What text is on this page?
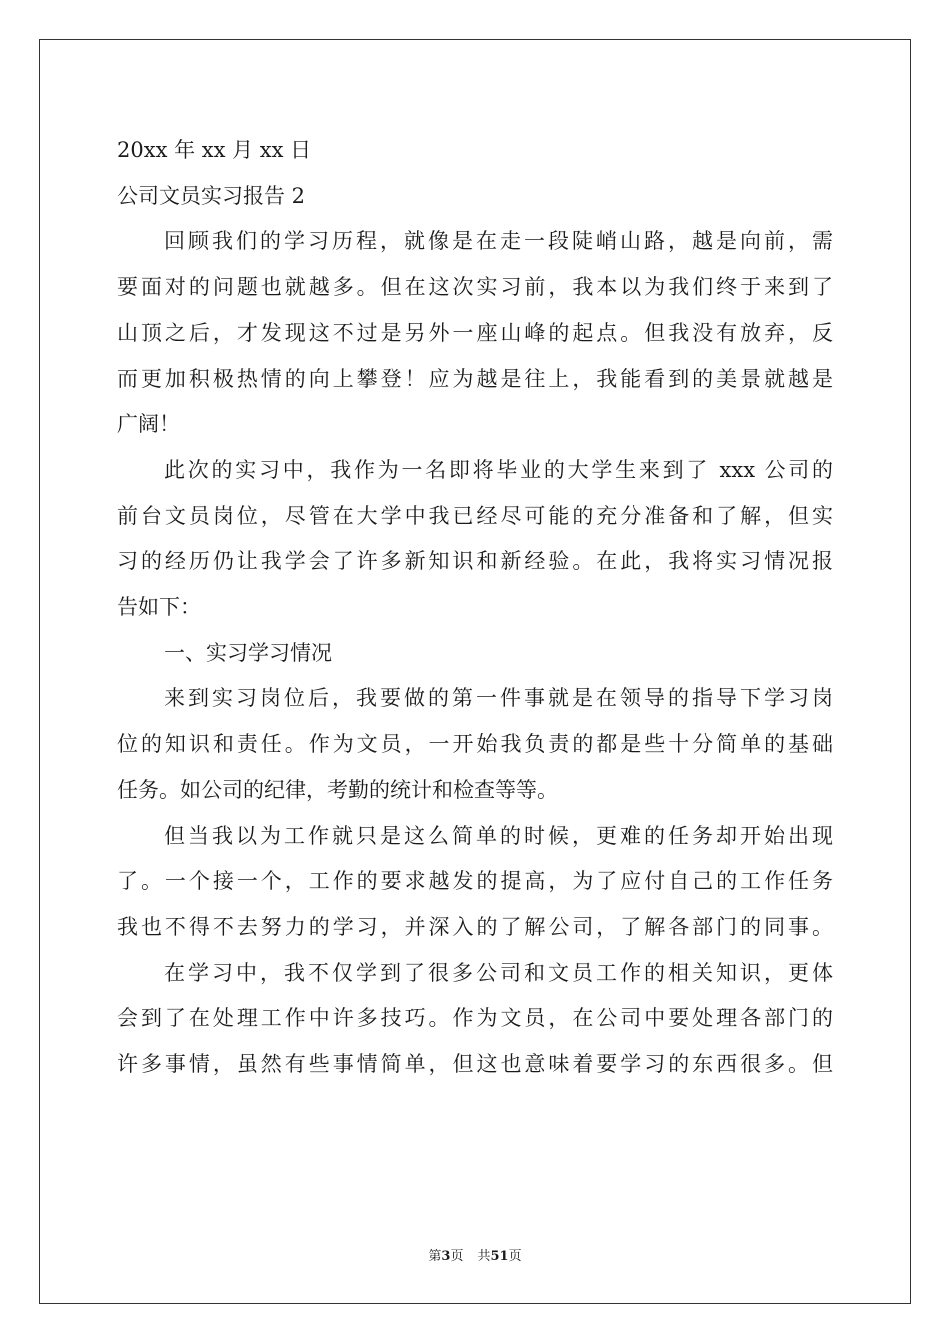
20xx 年 xx 月 xx 日

公司文员实习报告 2

回顾我们的学习历程，就像是在走一段陡峭山路，越是向前，需

要面对的问题也就越多。但在这次实习前，我本以为我们终于来到了

山顶之后，才发现这不过是另外一座山峰的起点。但我没有放弃，反

而更加积极热情的向上攀登！应为越是往上，我能看到的美景就越是

广阔！

此次的实习中，我作为一名即将毕业的大学生来到了 xxx 公司的

前台文员岗位，尽管在大学中我已经尽可能的充分准备和了解，但实

习的经历仍让我学会了许多新知识和新经验。在此，我将实习情况报

告如下：

一、实习学习情况

来到实习岗位后，我要做的第一件事就是在领导的指导下学习岗

位的知识和责任。作为文员，一开始我负责的都是些十分简单的基础

任务。如公司的纪律，考勤的统计和检查等等。

但当我以为工作就只是这么简单的时候，更难的任务却开始出现

了。一个接一个，工作的要求越发的提高，为了应付自己的工作任务

我也不得不去努力的学习，并深入的了解公司，了解各部门的同事。

在学习中，我不仅学到了很多公司和文员工作的相关知识，更体

会到了在处理工作中许多技巧。作为文员，在公司中要处理各部门的

许多事情，虽然有些事情简单，但这也意味着要学习的东西很多。但

第3页 共51页
